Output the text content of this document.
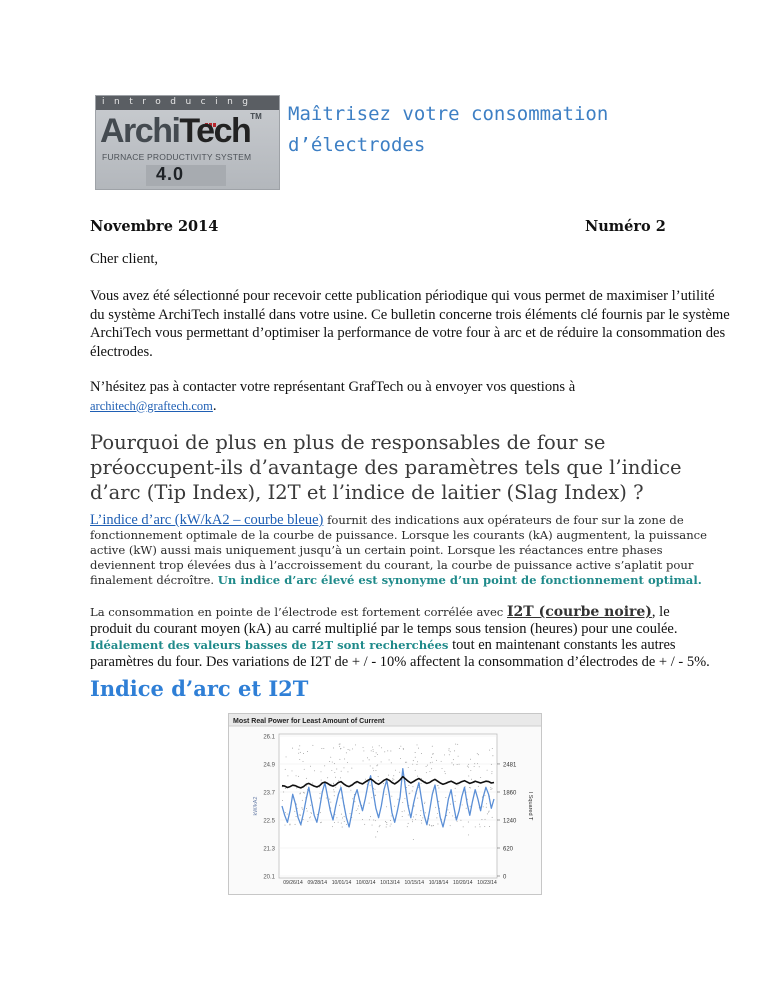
introducing
ArchiTech™
FURNACE PRODUCTIVITY SYSTEM
4.0
Maîtrisez votre consommation d’électrodes
Novembre 2014	Numéro 2
Cher client,
Vous avez été sélectionné pour recevoir cette publication périodique qui vous permet de maximiser l’utilité du système ArchiTech installé dans votre usine. Ce bulletin concerne trois éléments clé fournis par le système ArchiTech vous permettant d’optimiser la performance de votre four à arc et de réduire la consommation des électrodes.
N’hésitez pas à contacter votre représentant GrafTech ou à envoyer vos questions à
architech@graftech.com.
Pourquoi de plus en plus de responsables de four se préoccupent-ils d’avantage des paramètres tels que l’indice d’arc (Tip Index), I2T et l’indice de laitier (Slag Index) ?
L’indice d’arc (kW/kA2 – courbe bleue) fournit des indications aux opérateurs de four sur la zone de fonctionnement optimale de la courbe de puissance. Lorsque les courants (kA) augmentent, la puissance active (kW) aussi mais uniquement jusqu’à un certain point. Lorsque les réactances entre phases deviennent trop élevées dus à l’accroissement du courant, la courbe de puissance active s’aplatit pour finalement décroître. Un indice d’arc élevé est synonyme d’un point de fonctionnement optimal.
La consommation en pointe de l’électrode est fortement corrélée avec I2T (courbe noire), le produit du courant moyen (kA) au carré multiplié par le temps sous tension (heures) pour une coulée. Idéalement des valeurs basses de I2T sont recherchées tout en maintenant constants les autres paramètres du four. Des variations de I2T de + / - 10% affectent la consommation d’électrodes de + / - 5%.
Indice d’arc et I2T
Most Real Power for Least Amount of Current
26.1
24.9
23.7
22.5
21.3
20.1
2481
1860
1240
620
0
kW/kA2	I Squared T
09/26/14 09/28/14 10/01/14 10/03/14 10/13/14 10/15/14 10/18/14 10/20/14 10/23/14
